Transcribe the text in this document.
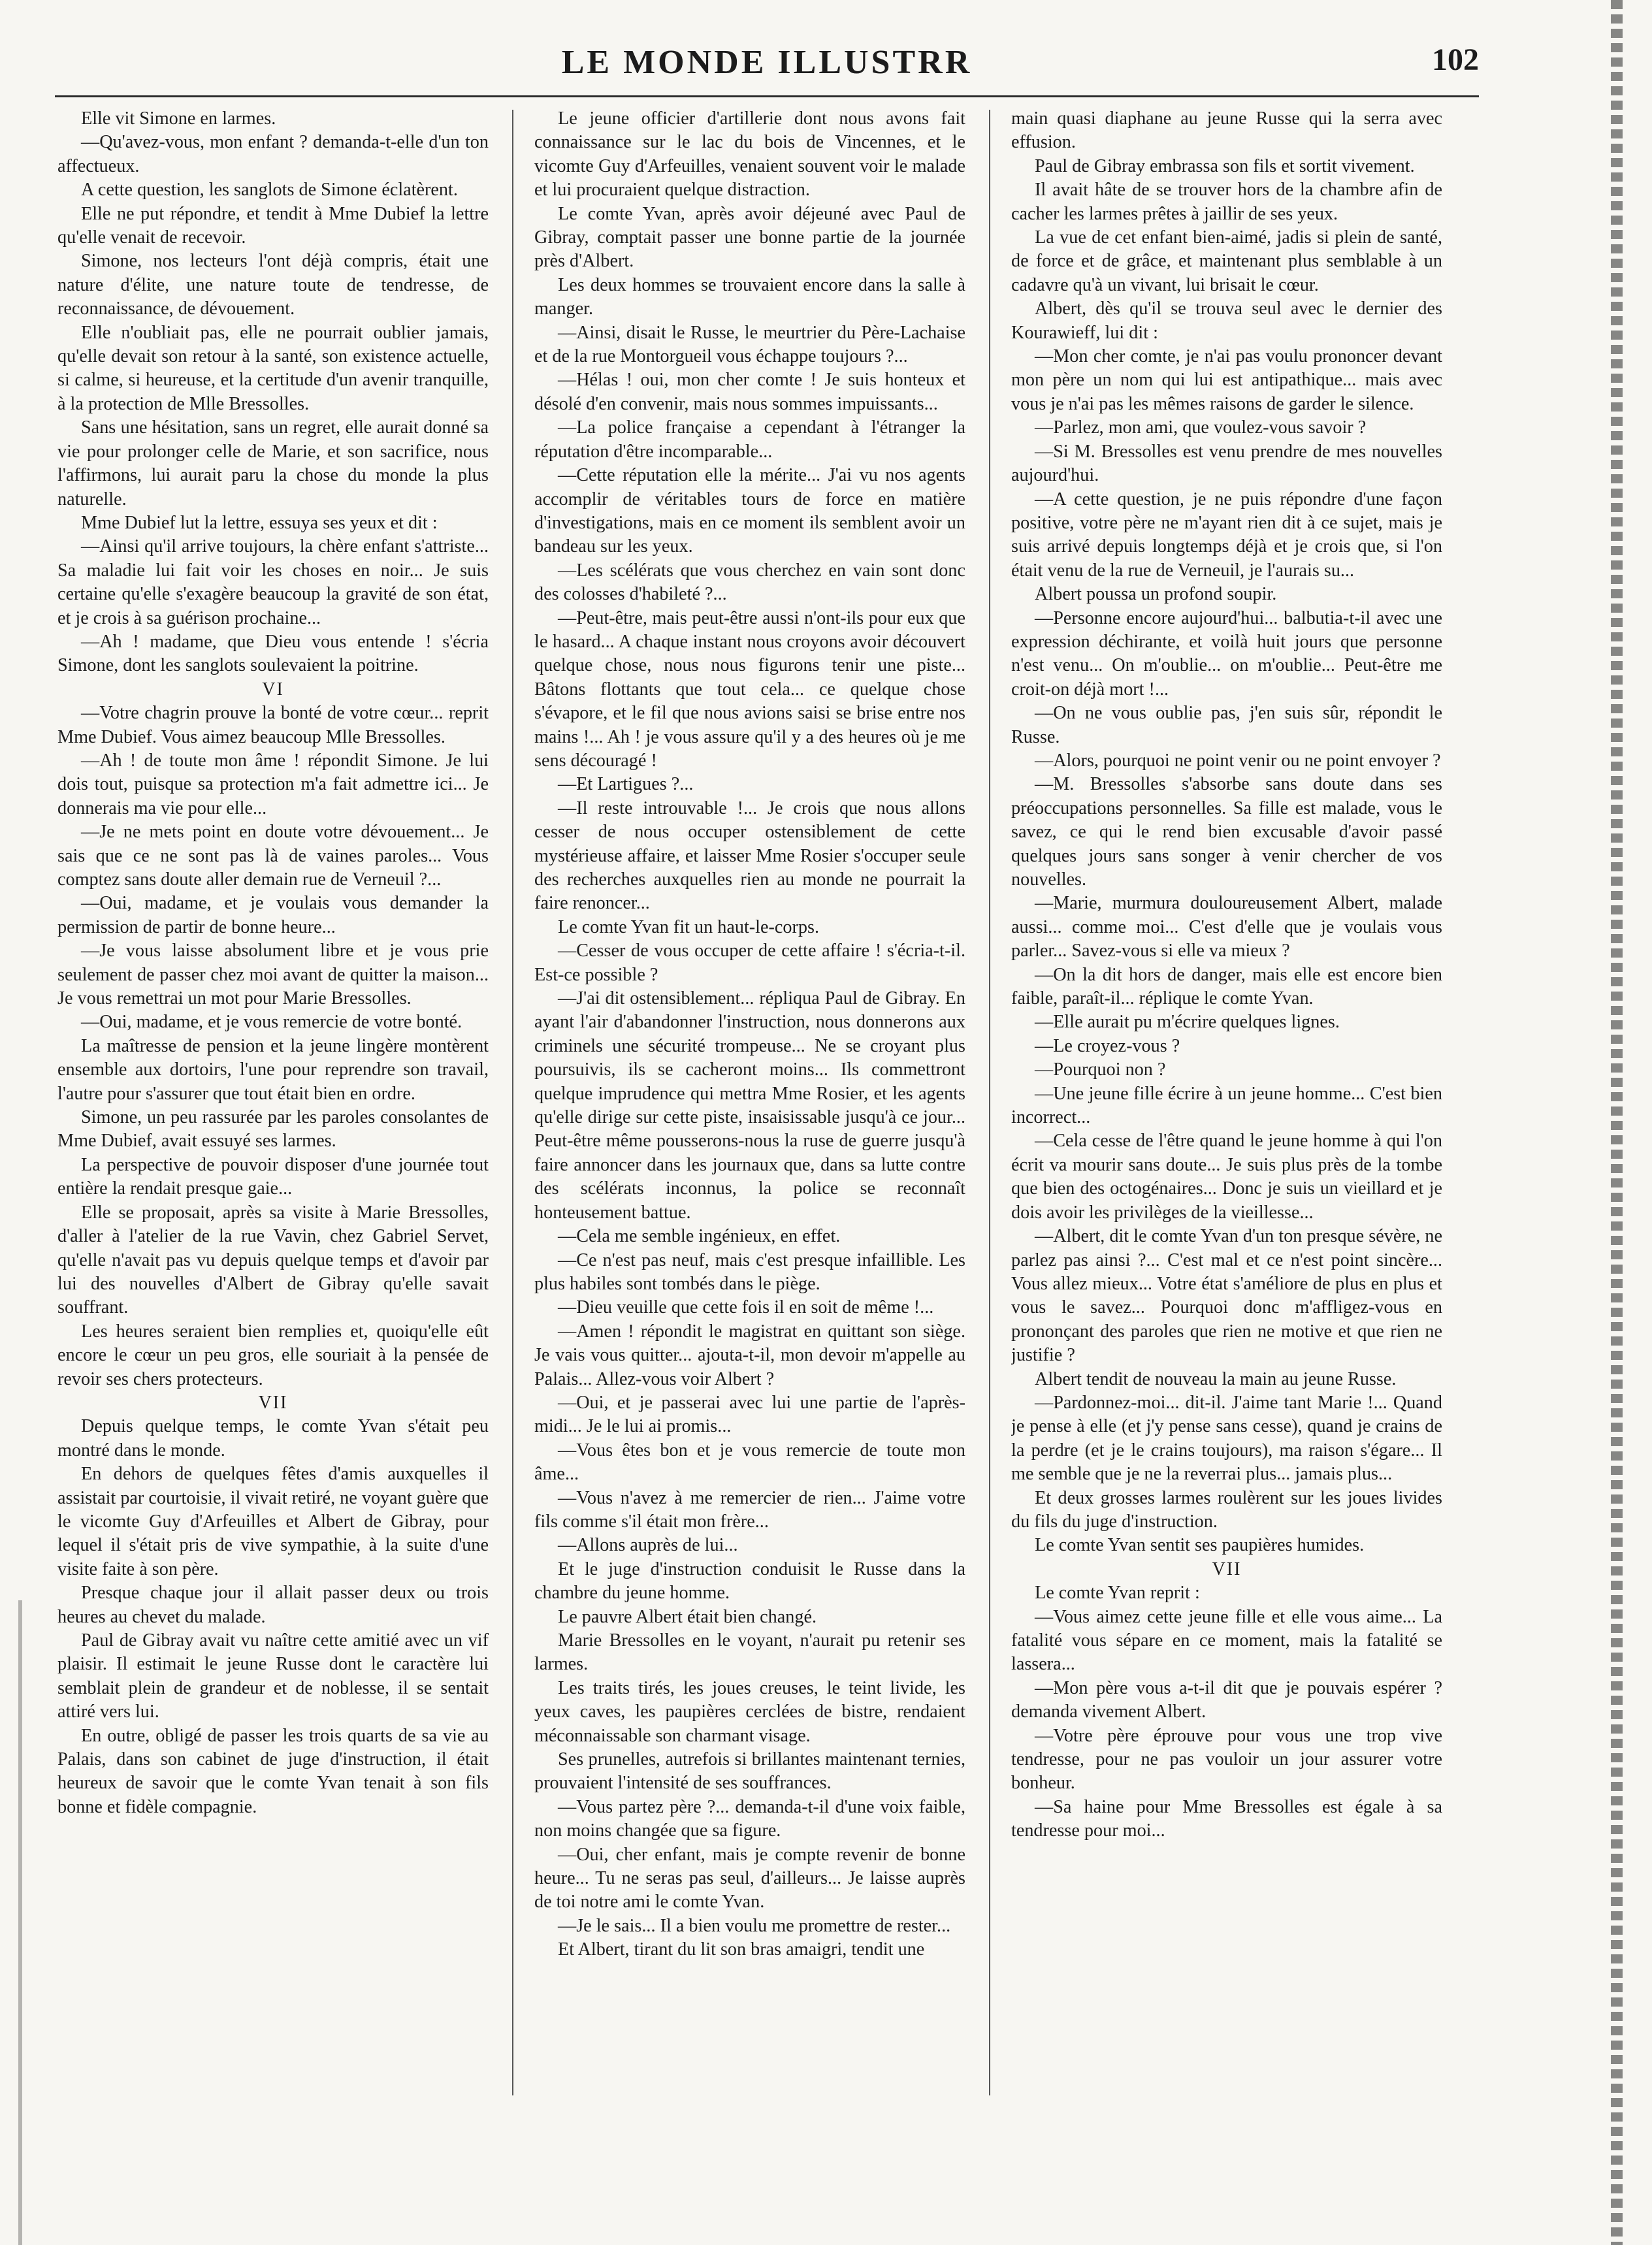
LE MONDE ILLUSTRR	102

Elle vit Simone en larmes.

—Qu'avez-vous, mon enfant ? demanda-t-elle d'un ton affectueux.

A cette question, les sanglots de Simone éclatèrent.

Elle ne put répondre, et tendit à Mme Dubief la lettre qu'elle venait de recevoir.

Simone, nos lecteurs l'ont déjà compris, était une nature d'élite, une nature toute de tendresse, de reconnaissance, de dévouement.

Elle n'oubliait pas, elle ne pourrait oublier jamais, qu'elle devait son retour à la santé, son existence actuelle, si calme, si heureuse, et la certitude d'un avenir tranquille, à la protection de Mlle Bressolles.

Sans une hésitation, sans un regret, elle aurait donné sa vie pour prolonger celle de Marie, et son sacrifice, nous l'affirmons, lui aurait paru la chose du monde la plus naturelle.

Mme Dubief lut la lettre, essuya ses yeux et dit :

—Ainsi qu'il arrive toujours, la chère enfant s'attriste... Sa maladie lui fait voir les choses en noir... Je suis certaine qu'elle s'exagère beaucoup la gravité de son état, et je crois à sa guérison prochaine...

—Ah ! madame, que Dieu vous entende ! s'écria Simone, dont les sanglots soulevaient la poitrine.

VI

—Votre chagrin prouve la bonté de votre cœur... reprit Mme Dubief. Vous aimez beaucoup Mlle Bressolles.

—Ah ! de toute mon âme ! répondit Simone. Je lui dois tout, puisque sa protection m'a fait admettre ici... Je donnerais ma vie pour elle...

—Je ne mets point en doute votre dévouement... Je sais que ce ne sont pas là de vaines paroles... Vous comptez sans doute aller demain rue de Verneuil ?...

—Oui, madame, et je voulais vous demander la permission de partir de bonne heure...

—Je vous laisse absolument libre et je vous prie seulement de passer chez moi avant de quitter la maison... Je vous remettrai un mot pour Marie Bressolles.

—Oui, madame, et je vous remercie de votre bonté.

La maîtresse de pension et la jeune lingère montèrent ensemble aux dortoirs, l'une pour reprendre son travail, l'autre pour s'assurer que tout était bien en ordre.

Simone, un peu rassurée par les paroles consolantes de Mme Dubief, avait essuyé ses larmes.

La perspective de pouvoir disposer d'une journée tout entière la rendait presque gaie...

Elle se proposait, après sa visite à Marie Bressolles, d'aller à l'atelier de la rue Vavin, chez Gabriel Servet, qu'elle n'avait pas vu depuis quelque temps et d'avoir par lui des nouvelles d'Albert de Gibray qu'elle savait souffrant.

Les heures seraient bien remplies et, quoiqu'elle eût encore le cœur un peu gros, elle souriait à la pensée de revoir ses chers protecteurs.

VII

Depuis quelque temps, le comte Yvan s'était peu montré dans le monde.

En dehors de quelques fêtes d'amis auxquelles il assistait par courtoisie, il vivait retiré, ne voyant guère que le vicomte Guy d'Arfeuilles et Albert de Gibray, pour lequel il s'était pris de vive sympathie, à la suite d'une visite faite à son père.

Presque chaque jour il allait passer deux ou trois heures au chevet du malade.

Paul de Gibray avait vu naître cette amitié avec un vif plaisir. Il estimait le jeune Russe dont le caractère lui semblait plein de grandeur et de noblesse, il se sentait attiré vers lui.

En outre, obligé de passer les trois quarts de sa vie au Palais, dans son cabinet de juge d'instruction, il était heureux de savoir que le comte Yvan tenait à son fils bonne et fidèle compagnie.

Le jeune officier d'artillerie dont nous avons fait connaissance sur le lac du bois de Vincennes, et le vicomte Guy d'Arfeuilles, venaient souvent voir le malade et lui procuraient quelque distraction.

Le comte Yvan, après avoir déjeuné avec Paul de Gibray, comptait passer une bonne partie de la journée près d'Albert.

Les deux hommes se trouvaient encore dans la salle à manger.

—Ainsi, disait le Russe, le meurtrier du Père-Lachaise et de la rue Montorgueil vous échappe toujours ?...

—Hélas ! oui, mon cher comte ! Je suis honteux et désolé d'en convenir, mais nous sommes impuissants...

—La police française a cependant à l'étranger la réputation d'être incomparable...

—Cette réputation elle la mérite... J'ai vu nos agents accomplir de véritables tours de force en matière d'investigations, mais en ce moment ils semblent avoir un bandeau sur les yeux.

—Les scélérats que vous cherchez en vain sont donc des colosses d'habileté ?...

—Peut-être, mais peut-être aussi n'ont-ils pour eux que le hasard... A chaque instant nous croyons avoir découvert quelque chose, nous nous figurons tenir une piste... Bâtons flottants que tout cela... ce quelque chose s'évapore, et le fil que nous avions saisi se brise entre nos mains !... Ah ! je vous assure qu'il y a des heures où je me sens découragé !

—Et Lartigues ?...

—Il reste introuvable !... Je crois que nous allons cesser de nous occuper ostensiblement de cette mystérieuse affaire, et laisser Mme Rosier s'occuper seule des recherches auxquelles rien au monde ne pourrait la faire renoncer...

Le comte Yvan fit un haut-le-corps.

—Cesser de vous occuper de cette affaire ! s'écria-t-il. Est-ce possible ?

—J'ai dit ostensiblement... répliqua Paul de Gibray. En ayant l'air d'abandonner l'instruction, nous donnerons aux criminels une sécurité trompeuse... Ne se croyant plus poursuivis, ils se cacheront moins... Ils commettront quelque imprudence qui mettra Mme Rosier, et les agents qu'elle dirige sur cette piste, insaisissable jusqu'à ce jour... Peut-être même pousserons-nous la ruse de guerre jusqu'à faire annoncer dans les journaux que, dans sa lutte contre des scélérats inconnus, la police se reconnaît honteusement battue.

—Cela me semble ingénieux, en effet.

—Ce n'est pas neuf, mais c'est presque infaillible. Les plus habiles sont tombés dans le piège.

—Dieu veuille que cette fois il en soit de même !...

—Amen ! répondit le magistrat en quittant son siège. Je vais vous quitter... ajouta-t-il, mon devoir m'appelle au Palais... Allez-vous voir Albert ?

—Oui, et je passerai avec lui une partie de l'après-midi... Je le lui ai promis...

—Vous êtes bon et je vous remercie de toute mon âme...

—Vous n'avez à me remercier de rien... J'aime votre fils comme s'il était mon frère...

—Allons auprès de lui...

Et le juge d'instruction conduisit le Russe dans la chambre du jeune homme.

Le pauvre Albert était bien changé.

Marie Bressolles en le voyant, n'aurait pu retenir ses larmes.

Les traits tirés, les joues creuses, le teint livide, les yeux caves, les paupières cerclées de bistre, rendaient méconnaissable son charmant visage.

Ses prunelles, autrefois si brillantes maintenant ternies, prouvaient l'intensité de ses souffrances.

—Vous partez père ?... demanda-t-il d'une voix faible, non moins changée que sa figure.

—Oui, cher enfant, mais je compte revenir de bonne heure... Tu ne seras pas seul, d'ailleurs... Je laisse auprès de toi notre ami le comte Yvan.

—Je le sais... Il a bien voulu me promettre de rester...

Et Albert, tirant du lit son bras amaigri, tendit une

main quasi diaphane au jeune Russe qui la serra avec effusion.

Paul de Gibray embrassa son fils et sortit vivement.

Il avait hâte de se trouver hors de la chambre afin de cacher les larmes prêtes à jaillir de ses yeux.

La vue de cet enfant bien-aimé, jadis si plein de santé, de force et de grâce, et maintenant plus semblable à un cadavre qu'à un vivant, lui brisait le cœur.

Albert, dès qu'il se trouva seul avec le dernier des Kourawieff, lui dit :

—Mon cher comte, je n'ai pas voulu prononcer devant mon père un nom qui lui est antipathique... mais avec vous je n'ai pas les mêmes raisons de garder le silence.

—Parlez, mon ami, que voulez-vous savoir ?

—Si M. Bressolles est venu prendre de mes nouvelles aujourd'hui.

—A cette question, je ne puis répondre d'une façon positive, votre père ne m'ayant rien dit à ce sujet, mais je suis arrivé depuis longtemps déjà et je crois que, si l'on était venu de la rue de Verneuil, je l'aurais su...

Albert poussa un profond soupir.

—Personne encore aujourd'hui... balbutia-t-il avec une expression déchirante, et voilà huit jours que personne n'est venu... On m'oublie... on m'oublie... Peut-être me croit-on déjà mort !...

—On ne vous oublie pas, j'en suis sûr, répondit le Russe.

—Alors, pourquoi ne point venir ou ne point envoyer ?

—M. Bressolles s'absorbe sans doute dans ses préoccupations personnelles. Sa fille est malade, vous le savez, ce qui le rend bien excusable d'avoir passé quelques jours sans songer à venir chercher de vos nouvelles.

—Marie, murmura douloureusement Albert, malade aussi... comme moi... C'est d'elle que je voulais vous parler... Savez-vous si elle va mieux ?

—On la dit hors de danger, mais elle est encore bien faible, paraît-il... réplique le comte Yvan.

—Elle aurait pu m'écrire quelques lignes.

—Le croyez-vous ?

—Pourquoi non ?

—Une jeune fille écrire à un jeune homme... C'est bien incorrect...

—Cela cesse de l'être quand le jeune homme à qui l'on écrit va mourir sans doute... Je suis plus près de la tombe que bien des octogénaires... Donc je suis un vieillard et je dois avoir les privilèges de la vieillesse...

—Albert, dit le comte Yvan d'un ton presque sévère, ne parlez pas ainsi ?... C'est mal et ce n'est point sincère... Vous allez mieux... Votre état s'améliore de plus en plus et vous le savez... Pourquoi donc m'affligez-vous en prononçant des paroles que rien ne motive et que rien ne justifie ?

Albert tendit de nouveau la main au jeune Russe.

—Pardonnez-moi... dit-il. J'aime tant Marie !... Quand je pense à elle (et j'y pense sans cesse), quand je crains de la perdre (et je le crains toujours), ma raison s'égare... Il me semble que je ne la reverrai plus... jamais plus...

Et deux grosses larmes roulèrent sur les joues livides du fils du juge d'instruction.

Le comte Yvan sentit ses paupières humides.

VII

Le comte Yvan reprit :

—Vous aimez cette jeune fille et elle vous aime... La fatalité vous sépare en ce moment, mais la fatalité se lassera...

—Mon père vous a-t-il dit que je pouvais espérer ? demanda vivement Albert.

—Votre père éprouve pour vous une trop vive tendresse, pour ne pas vouloir un jour assurer votre bonheur.

—Sa haine pour Mme Bressolles est égale à sa tendresse pour moi...
